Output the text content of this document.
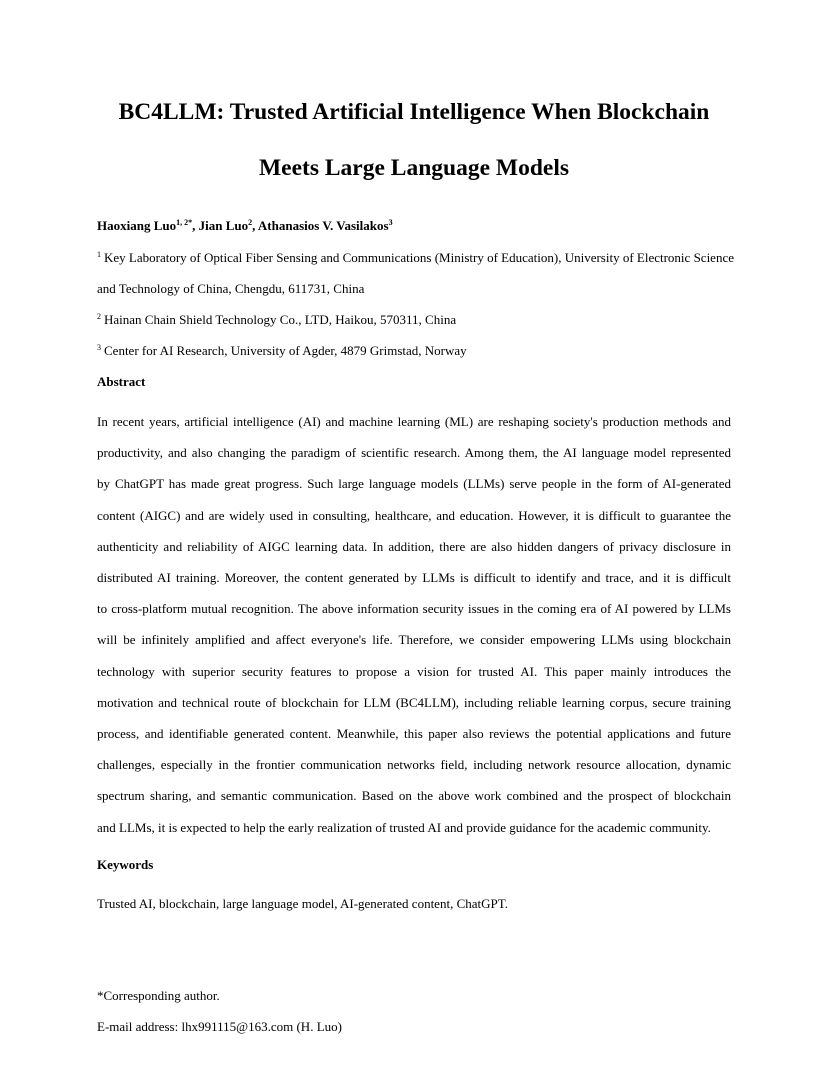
BC4LLM: Trusted Artificial Intelligence When Blockchain
Meets Large Language Models
Haoxiang Luo$^{1, 2*}$, Jian Luo$^2$, Athanasios V. Vasilakos$^3$
$^1$ Key Laboratory of Optical Fiber Sensing and Communications (Ministry of Education), University of Electronic Science and Technology of China, Chengdu, 611731, China
$^2$ Hainan Chain Shield Technology Co., LTD, Haikou, 570311, China
$^3$ Center for AI Research, University of Agder, 4879 Grimstad, Norway
Abstract
In recent years, artificial intelligence (AI) and machine learning (ML) are reshaping society's production methods and
productivity, and also changing the paradigm of scientific research. Among them, the AI language model represented
by ChatGPT has made great progress. Such large language models (LLMs) serve people in the form of AI-generated
content (AIGC) and are widely used in consulting, healthcare, and education. However, it is difficult to guarantee the
authenticity and reliability of AIGC learning data. In addition, there are also hidden dangers of privacy disclosure in
distributed AI training. Moreover, the content generated by LLMs is difficult to identify and trace, and it is difficult
to cross-platform mutual recognition. The above information security issues in the coming era of AI powered by LLMs
will be infinitely amplified and affect everyone's life. Therefore, we consider empowering LLMs using blockchain
technology with superior security features to propose a vision for trusted AI. This paper mainly introduces the
motivation and technical route of blockchain for LLM (BC4LLM), including reliable learning corpus, secure training
process, and identifiable generated content. Meanwhile, this paper also reviews the potential applications and future
challenges, especially in the frontier communication networks field, including network resource allocation, dynamic
spectrum sharing, and semantic communication. Based on the above work combined and the prospect of blockchain
and LLMs, it is expected to help the early realization of trusted AI and provide guidance for the academic community.
Keywords
Trusted AI, blockchain, large language model, AI-generated content, ChatGPT.
*Corresponding author.
E-mail address: lhx991115@163.com (H. Luo)
